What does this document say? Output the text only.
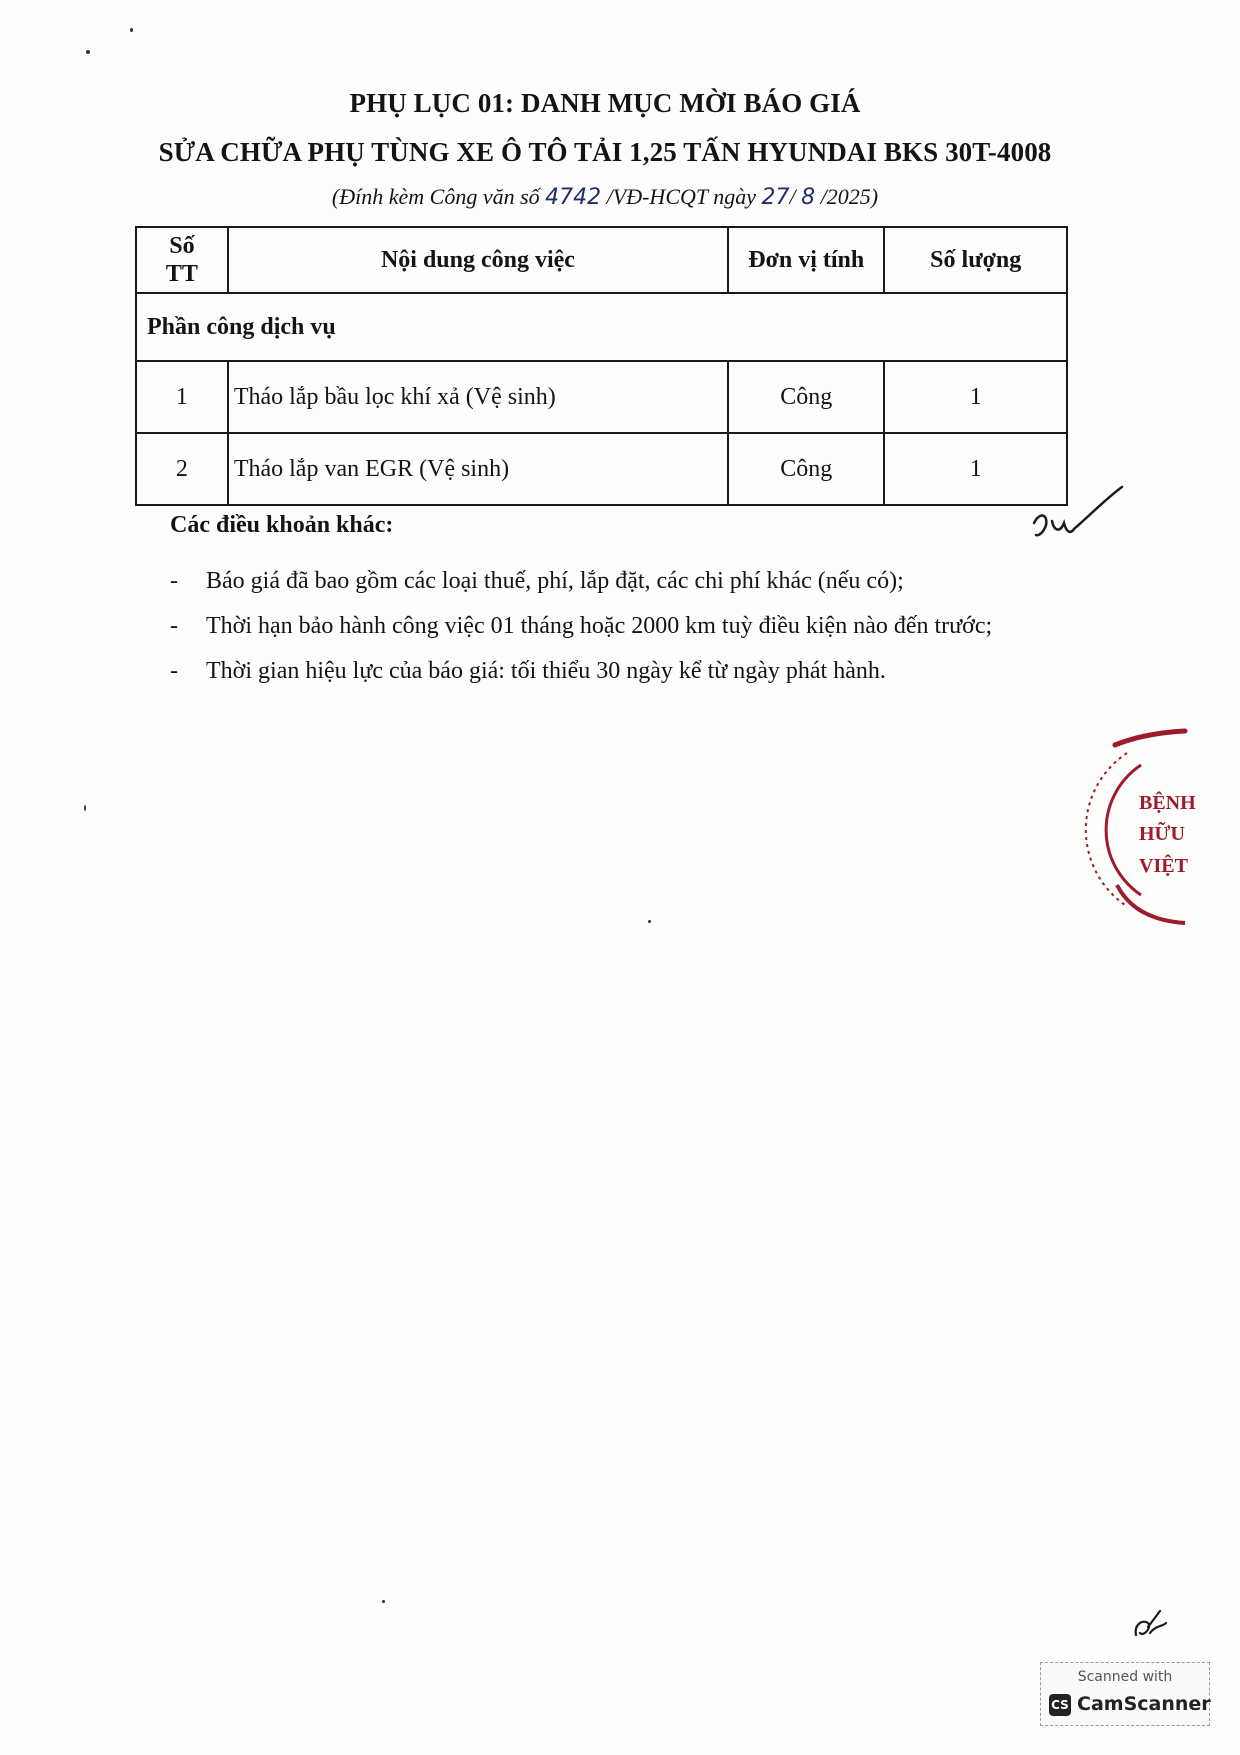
PHỤ LỤC 01: DANH MỤC MỜI BÁO GIÁ
SỬA CHỮA PHỤ TÙNG XE Ô TÔ TẢI 1,25 TẤN HYUNDAI BKS 30T-4008
(Đính kèm Công văn số 4742 /VĐ-HCQT ngày 27/ 8 /2025)
Số TT	Nội dung công việc	Đơn vị tính	Số lượng
Phần công dịch vụ			
1	Tháo lắp bầu lọc khí xả (Vệ sinh)	Công	1
2	Tháo lắp van EGR (Vệ sinh)	Công	1
Các điều khoản khác:
- Báo giá đã bao gồm các loại thuế, phí, lắp đặt, các chi phí khác (nếu có);
- Thời hạn bảo hành công việc 01 tháng hoặc 2000 km tuỳ điều kiện nào đến trước;
- Thời gian hiệu lực của báo giá: tối thiểu 30 ngày kể từ ngày phát hành.
BỆNH
HỮU
VIỆT
Scanned with
CS CamScanner
